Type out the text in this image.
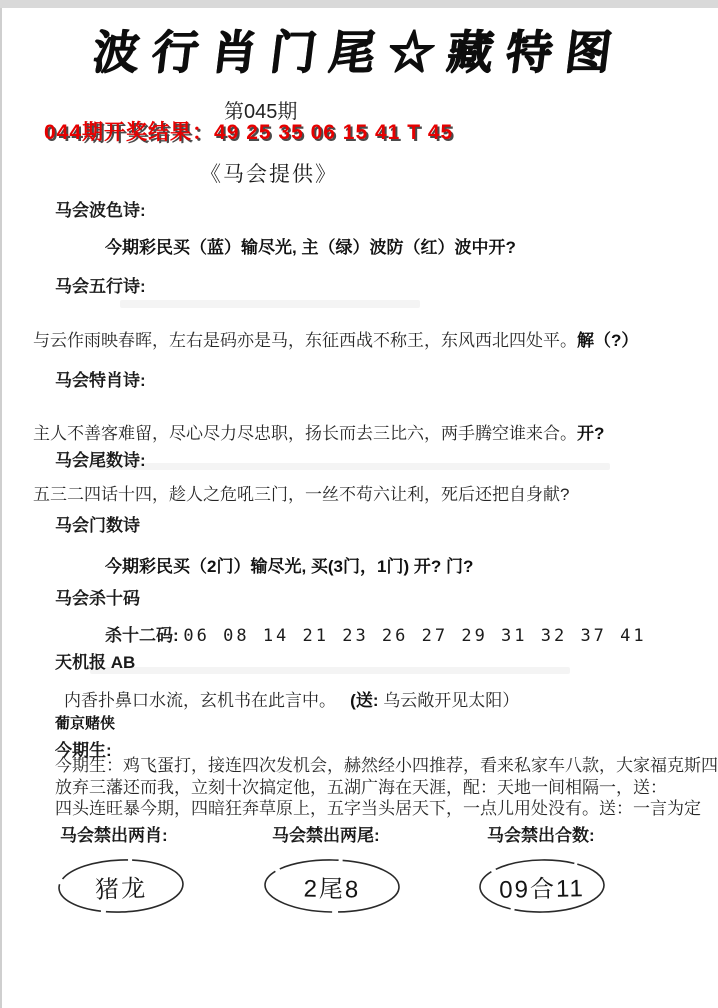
波行肖门尾☆藏特图
第045期
044期开奖结果：49 25 35 06 15 41 T 45
《马会提供》
马会波色诗:
今期彩民买（蓝）输尽光, 主（绿）波防（红）波中开?
马会五行诗:
与云作雨映春晖，左右是码亦是马，东征西战不称王，东风西北四处平。解（?）
马会特肖诗:
主人不善客难留，尽心尽力尽忠职，扬长而去三比六，两手腾空谁来合。开?
马会尾数诗:
五三二四话十四，趁人之危吼三门，一丝不苟六让利，死后还把自身献?
马会门数诗
今期彩民买（2门）输尽光, 买(3门，1门) 开? 门?
马会杀十码
杀十二码: 06 08 14 21 23 26 27 29 31 32 37 41
天机报 AB
内香扑鼻口水流，玄机书在此言中。 (送: 乌云敞开见太阳）
葡京赌侠
今期生:
今期生：鸡飞蛋打，接连四次发机会，赫然经小四推荐，看来私家车八款，大家福克斯四
放弃三藩还而我，立刻十次搞定他，五湖广海在天涯，配：天地一间相隔一，送：
四头连旺暴今期，四暗狂奔草原上，五字当头居天下，一点儿用处没有。送：一言为定
马会禁出两肖:	马会禁出两尾:	马会禁出合数:
猪龙	2尾8	09合11
